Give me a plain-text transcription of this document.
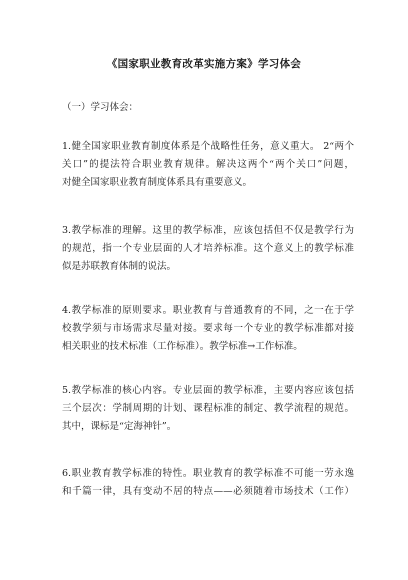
《国家职业教育改革实施方案》学习体会
（一）学习体会：
1.健全国家职业教育制度体系是个战略性任务，意义重大。 2“两个
关口”的提法符合职业教育规律。解决这两个“两个关口”问题，
对健全国家职业教育制度体系具有重要意义。
3.教学标准的理解。这里的教学标准，应该包括但不仅是教学行为
的规范，指一个专业层面的人才培养标准。这个意义上的教学标准
似是苏联教育体制的说法。
4.教学标准的原则要求。职业教育与普通教育的不同，之一在于学
校教学须与市场需求尽量对接。要求每一个专业的教学标准都对接
相关职业的技术标准（工作标准）。教学标准→工作标准。
5.教学标准的核心内容。专业层面的教学标准，主要内容应该包括
三个层次：学制周期的计划、课程标准的制定、教学流程的规范。
其中，课标是“定海神针”。
6.职业教育教学标准的特性。职业教育的教学标准不可能一劳永逸
和千篇一律，具有变动不居的特点——必须随着市场技术（工作）
